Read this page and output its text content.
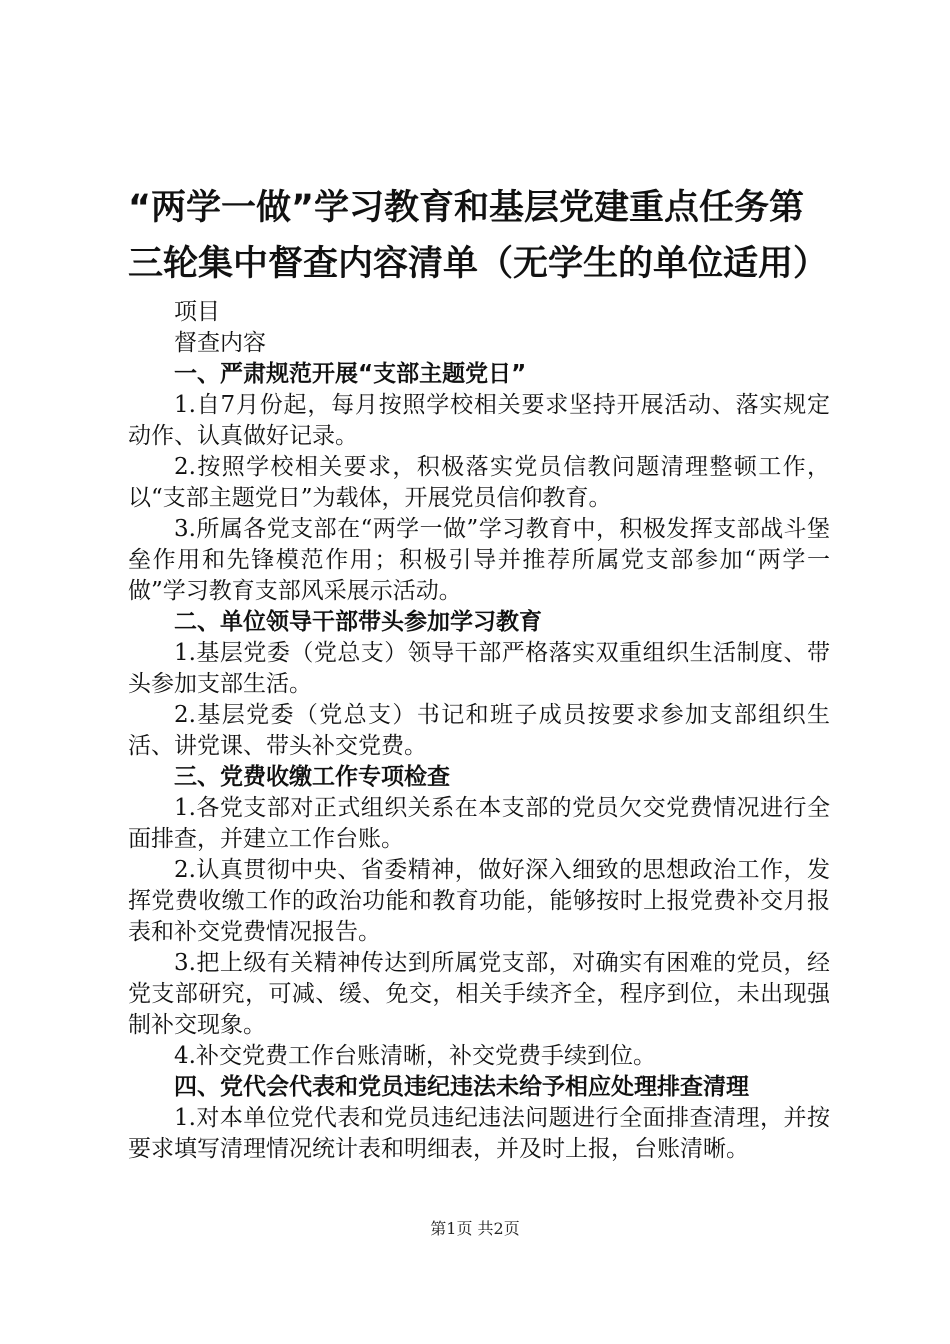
“两学一做”学习教育和基层党建重点任务第三轮集中督查内容清单（无学生的单位适用）

项目

督查内容

一、严肃规范开展“支部主题党日”

1.自7月份起，每月按照学校相关要求坚持开展活动、落实规定动作、认真做好记录。

2.按照学校相关要求，积极落实党员信教问题清理整顿工作，以“支部主题党日”为载体，开展党员信仰教育。

3.所属各党支部在“两学一做”学习教育中，积极发挥支部战斗堡垒作用和先锋模范作用；积极引导并推荐所属党支部参加“两学一做”学习教育支部风采展示活动。

二、单位领导干部带头参加学习教育

1.基层党委（党总支）领导干部严格落实双重组织生活制度、带头参加支部生活。

2.基层党委（党总支）书记和班子成员按要求参加支部组织生活、讲党课、带头补交党费。

三、党费收缴工作专项检查

1.各党支部对正式组织关系在本支部的党员欠交党费情况进行全面排查，并建立工作台账。

2.认真贯彻中央、省委精神，做好深入细致的思想政治工作，发挥党费收缴工作的政治功能和教育功能，能够按时上报党费补交月报表和补交党费情况报告。

3.把上级有关精神传达到所属党支部，对确实有困难的党员，经党支部研究，可减、缓、免交，相关手续齐全，程序到位，未出现强制补交现象。

4.补交党费工作台账清晰，补交党费手续到位。

四、党代会代表和党员违纪违法未给予相应处理排查清理

1.对本单位党代表和党员违纪违法问题进行全面排查清理，并按要求填写清理情况统计表和明细表，并及时上报，台账清晰。

第1页 共2页
